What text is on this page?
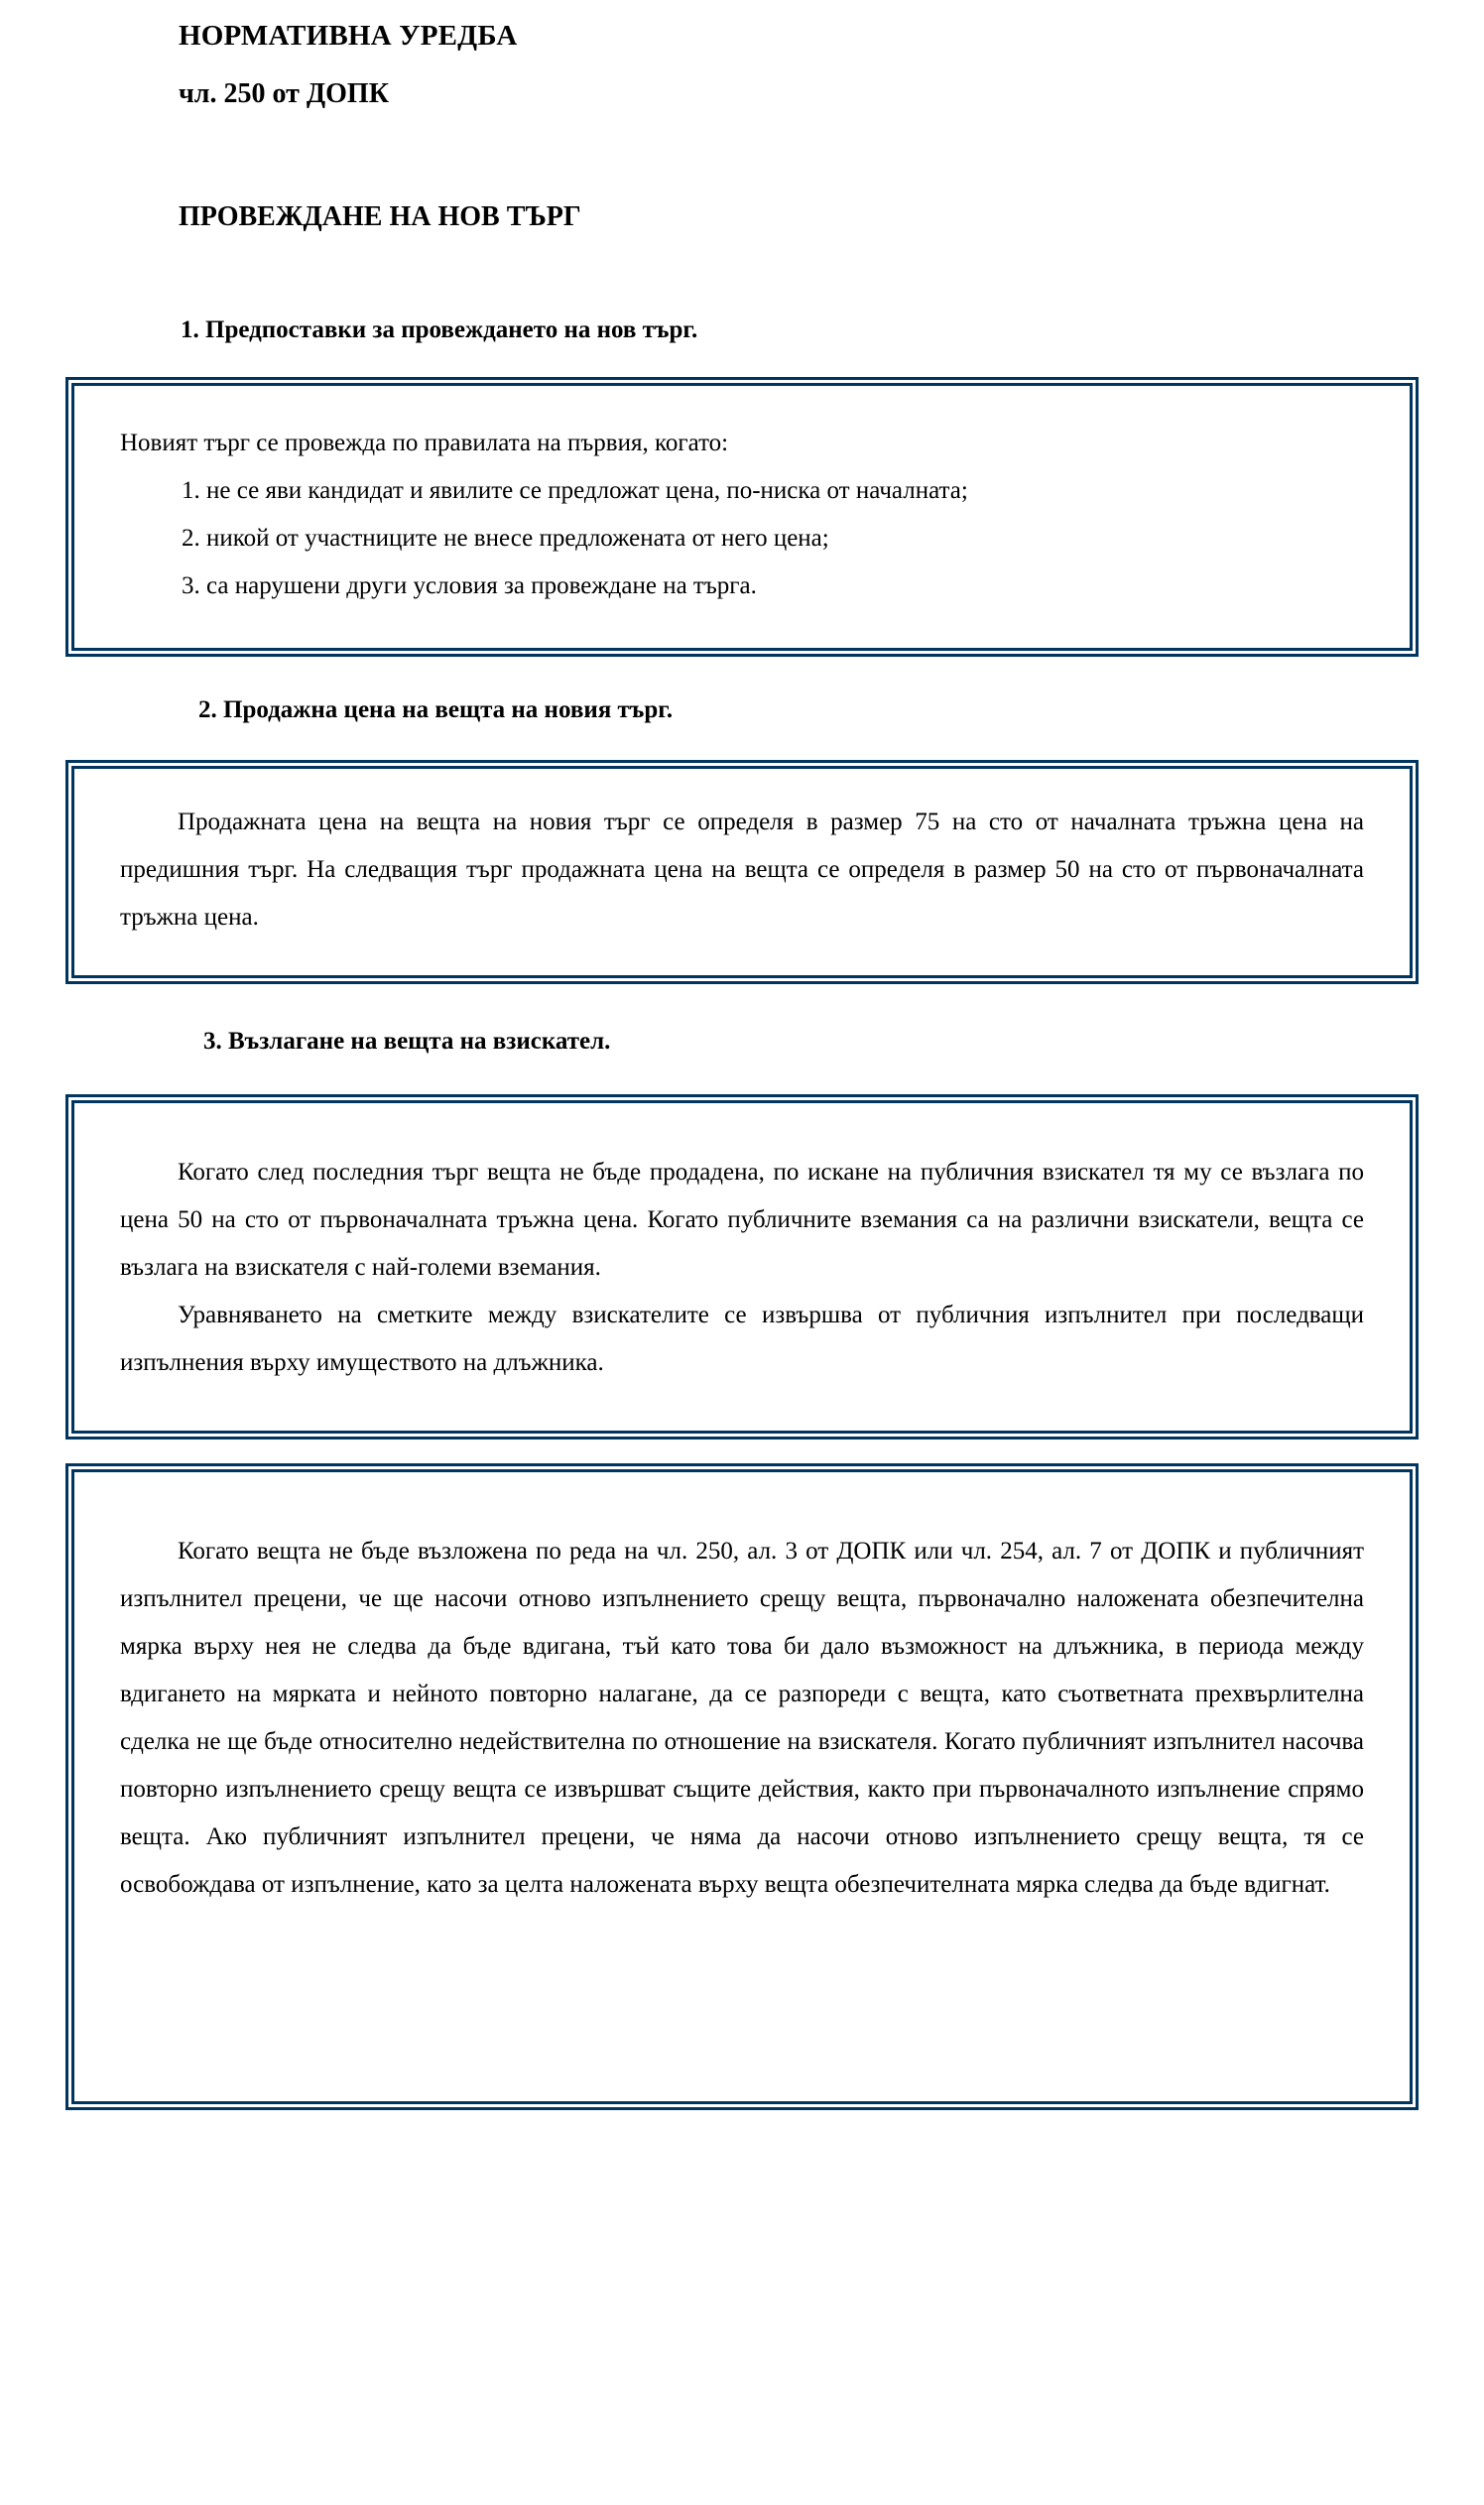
НОРМАТИВНА УРЕДБА
чл. 250 от ДОПК
ПРОВЕЖДАНЕ НА НОВ ТЪРГ
1. Предпоставки за провеждането на нов търг.

Новият търг се провежда по правилата на първия, когато:

1. не се яви кандидат и явилите се предложат цена, по-ниска от началната;

2. никой от участниците не внесе предложената от него цена;

3. са нарушени други условия за провеждане на търга.

2. Продажна цена на вещта на новия търг.

Продажната цена на вещта на новия търг се определя в размер 75 на сто от началната тръжна цена на предишния търг. На следващия търг продажната цена на вещта се определя в размер 50 на сто от първоначалната тръжна цена.

3. Възлагане на вещта на взискател.

Когато след последния търг вещта не бъде продадена, по искане на публичния взискател тя му се възлага по цена 50 на сто от първоначалната тръжна цена. Когато публичните вземания са на различни взискатели, вещта се възлага на взискателя с най-големи вземания.

Уравняването на сметките между взискателите се извършва от публичния изпълнител при последващи изпълнения върху имуществото на длъжника.

Когато вещта не бъде възложена по реда на чл. 250, ал. 3 от ДОПК или чл. 254, ал. 7 от ДОПК и публичният изпълнител прецени, че ще насочи отново изпълнението срещу вещта, първоначално наложената обезпечителна мярка върху нея не следва да бъде вдигана, тъй като това би дало възможност на длъжника, в периода между вдигането на мярката и нейното повторно налагане, да се разпореди с вещта, като съответната прехвърлителна сделка не ще бъде относително недействителна по отношение на взискателя. Когато публичният изпълнител насочва повторно изпълнението срещу вещта се извършват същите действия, както при първоначалното изпълнение спрямо вещта. Ако публичният изпълнител прецени, че няма да насочи отново изпълнението срещу вещта, тя се освобождава от изпълнение, като за целта наложената върху вещта обезпечителната мярка следва да бъде вдигнат.
